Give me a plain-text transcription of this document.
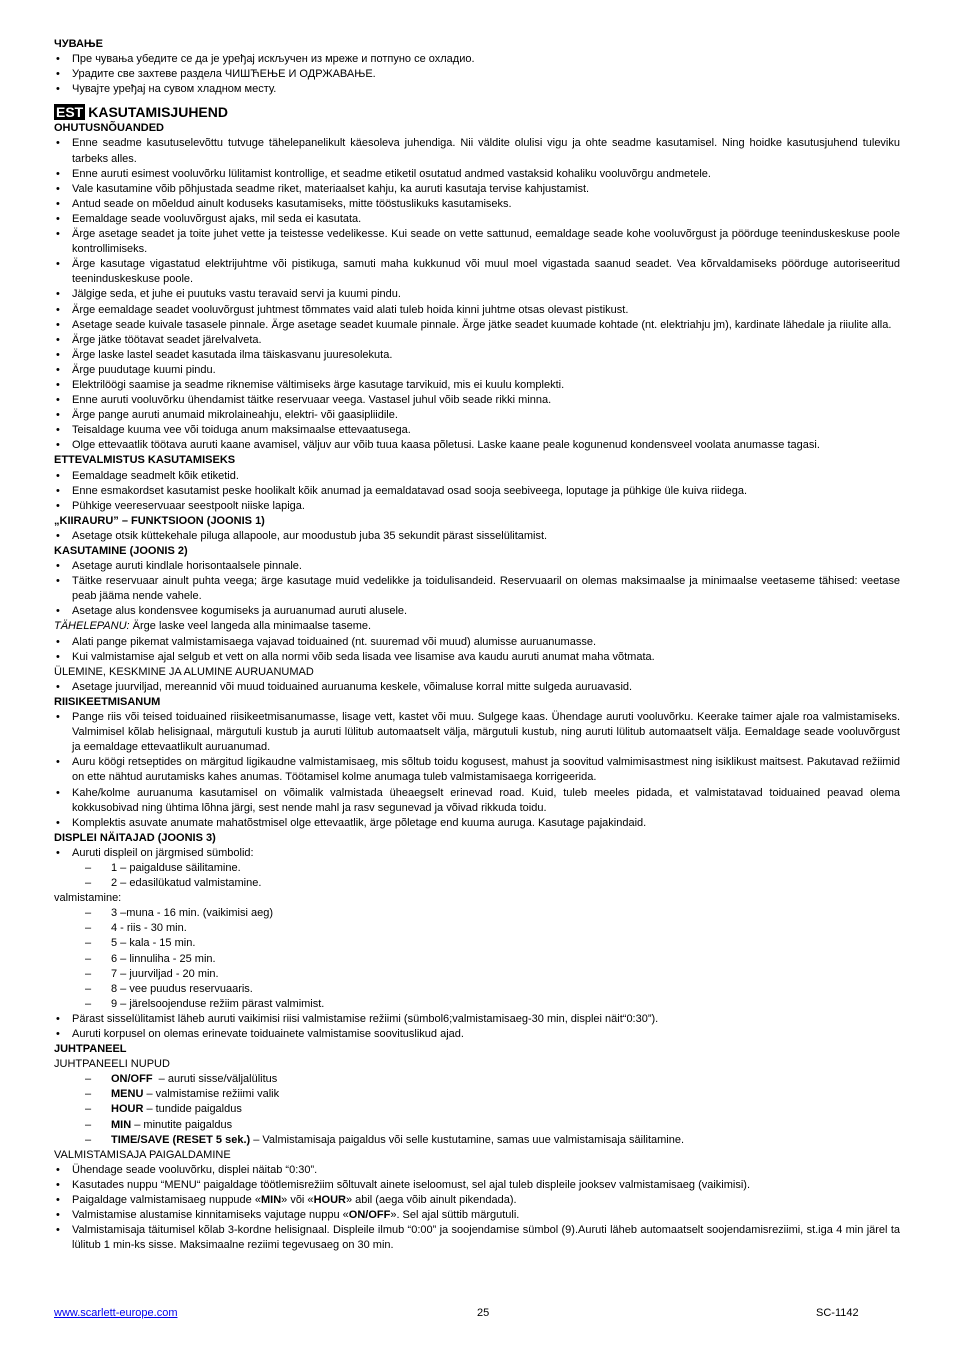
ЧУВАЊЕ
• Пре чувања убедите се да је уређај искључен из мреже и потпуно се охладио.
• Урадите све захтеве раздела ЧИШЋЕЊЕ И ОДРЖАВАЊЕ.
• Чувајте уређај на сувом хладном месту.
EST KASUTAMISJUHEND
OHUTUSNÕUANDED
• Enne seadme kasutuselevõttu tutvuge tähelepanelikult käesoleva juhendiga. Nii väldite olulisi vigu ja ohte seadme kasutamisel. Ning hoidke kasutusjuhend tuleviku tarbeks alles.
• Enne auruti esimest vooluvõrku lülitamist kontrollige, et seadme etiketil osutatud andmed vastaksid kohaliku vooluvõrgu andmetele.
• Vale kasutamine võib põhjustada seadme riket, materiaalset kahju, ka auruti kasutaja tervise kahjustamist.
• Antud seade on mõeldud ainult koduseks kasutamiseks, mitte tööstuslikuks kasutamiseks.
• Eemaldage seade vooluvõrgust ajaks, mil seda ei kasutata.
• Ärge asetage seadet ja toite juhet vette ja teistesse vedelikesse. Kui seade on vette sattunud, eemaldage seade kohe vooluvõrgust ja pöörduge teeninduskeskuse poole kontrollimiseks.
• Ärge kasutage vigastatud elektrijuhtme või pistikuga, samuti maha kukkunud või muul moel vigastada saanud seadet. Vea kõrvaldamiseks pöörduge autoriseeritud teeninduskeskuse poole.
• Jälgige seda, et juhe ei puutuks vastu teravaid servi ja kuumi pindu.
• Ärge eemaldage seadet vooluvõrgust juhtmest tõmmates vaid alati tuleb hoida kinni juhtme otsas olevast pistikust.
• Asetage seade kuivale tasasele pinnale. Ärge asetage seadet kuumale pinnale. Ärge jätke seadet kuumade kohtade (nt. elektriahju jm), kardinate lähedale ja riiulite alla.
• Ärge jätke töötavat seadet järelvalveta.
• Ärge laske lastel seadet kasutada ilma täiskasvanu juuresolekuta.
• Ärge puudutage kuumi pindu.
• Elektrilöögi saamise ja seadme riknemise vältimiseks ärge kasutage tarvikuid, mis ei kuulu komplekti.
• Enne auruti vooluvõrku ühendamist täitke reservuaar veega. Vastasel juhul võib seade rikki minna.
• Ärge pange auruti anumaid mikrolaineahju, elektri- või gaasipliidile.
• Teisaldage kuuma vee või toiduga anum maksimaalse ettevaatusega.
• Olge ettevaatlik töötava auruti kaane avamisel, väljuv aur võib tuua kaasa põletusi. Laske kaane peale kogunenud kondensveel voolata anumasse tagasi.
ETTEVALMISTUS KASUTAMISEKS
• Eemaldage seadmelt kõik etiketid.
• Enne esmakordset kasutamist peske hoolikalt kõik anumad ja eemaldatavad osad sooja seebiveega, loputage ja pühkige üle kuiva riidega.
• Pühkige veereservuaar seestpoolt niiske lapiga.
„KIIRAURU” – FUNKTSIOON (JOONIS 1)
• Asetage otsik küttekehale piluga allapoole, aur moodustub juba 35 sekundit pärast sisselülitamist.
KASUTAMINE (JOONIS 2)
• Asetage auruti kindlale horisontaalsele pinnale.
• Täitke reservuaar ainult puhta veega; ärge kasutage muid vedelikke ja toidulisandeid. Reservuaaril on olemas maksimaalse ja minimaalse veetaseme tähised: veetase peab jääma nende vahele.
• Asetage alus kondensvee kogumiseks ja auruanumad auruti alusele.
TÄHELEPANU: Ärge laske veel langeda alla minimaalse taseme.
• Alati pange pikemat valmistamisaega vajavad toiduained (nt. suuremad või muud) alumisse auruanumasse.
• Kui valmistamise ajal selgub et vett on alla normi võib seda lisada vee lisamise ava kaudu auruti anumat maha võtmata.
ÜLEMINE, KESKMINE JA ALUMINE AURUANUMAD
• Asetage juurviljad, mereannid või muud toiduained auruanuma keskele, võimaluse korral mitte sulgeda auruavasid.
RIISIKEETMISANUM
• Pange riis või teised toiduained riisikeetmisanumasse, lisage vett, kastet või muu. Sulgege kaas. Ühendage auruti vooluvõrku. Keerake taimer ajale roa valmistamiseks. Valmimisel kõlab helisignaal, märgutuli kustub ja auruti lülitub automaatselt välja, märgutuli kustub, ning auruti lülitub automaatselt välja. Eemaldage seade vooluvõrgust ja eemaldage ettevaatlikult auruanumad.
• Auru köögi retseptides on märgitud ligikaudne valmistamisaeg, mis sõltub toidu kogusest, mahust ja soovitud valmimisastmest ning isiklikust maitsest. Pakutavad režiimid on ette nähtud aurutamisks kahes anumas. Töötamisel kolme anumaga tuleb valmistamisaega korrigeerida.
• Kahe/kolme auruanuma kasutamisel on võimalik valmistada üheaegselt erinevad road. Kuid, tuleb meeles pidada, et valmistatavad toiduained peavad olema kokkusobivad ning ühtima lõhna järgi, sest nende mahl ja rasv segunevad ja võivad rikkuda toidu.
• Komplektis asuvate anumate mahatõstmisel olge ettevaatlik, ärge põletage end kuuma auruga. Kasutage pajakindaid.
DISPLEI NÄITAJAD (JOONIS 3)
• Auruti displeil on järgmised sümbolid:
– 1 – paigalduse säilitamine.
– 2 – edasilükatud valmistamine.
valmistamine:
– 3 –muna - 16 min. (vaikimisi aeg)
– 4 - riis - 30 min.
– 5 – kala - 15 min.
– 6 – linnuliha - 25 min.
– 7 – juurviljad - 20 min.
– 8 – vee puudus reservuaaris.
– 9 – järelsoojenduse režiim pärast valmimist.
• Pärast sisselülitamist läheb auruti vaikimisi riisi valmistamise režiimi (sümbol6;valmistamisaeg-30 min, displei näit“0:30”).
• Auruti korpusel on olemas erinevate toiduainete valmistamise soovituslikud ajad.
JUHTPANEEL
JUHTPANEELI NUPUD
– ON/OFF  – auruti sisse/väljalülitus
– MENU – valmistamise režiimi valik
– HOUR – tundide paigaldus
– MIN – minutite paigaldus
– TIME/SAVE (RESET 5 sek.) – Valmistamisaja paigaldus või selle kustutamine, samas uue valmistamisaja säilitamine.
VALMISTAMISAJA PAIGALDAMINE
• Ühendage seade vooluvõrku, displei näitab “0:30”.
• Kasutades nuppu “MENU“ paigaldage töötlemisrežiim sõltuvalt ainete iseloomust, sel ajal tuleb displeile jooksev valmistamisaeg (vaikimisi).
• Paigaldage valmistamisaeg nuppude «MIN» või «HOUR» abil (aega võib ainult pikendada).
• Valmistamise alustamise kinnitamiseks vajutage nuppu «ON/OFF». Sel ajal süttib märgutuli.
• Valmistamisaja täitumisel kõlab 3-kordne helisignaal. Displeile ilmub “0:00” ja soojendamise sümbol (9).Auruti läheb automaatselt soojendamisreziimi, st.iga 4 min järel ta lülitub 1 min-ks sisse. Maksimaalne reziimi tegevusaeg on 30 min.
www.scarlett-europe.com	25	SC-1142
